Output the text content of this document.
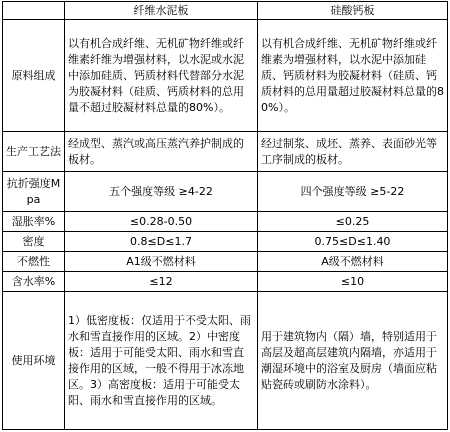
	纤维水泥板	硅酸钙板
原料组成	以有机合成纤维、无机矿物纤维或纤维素纤维为增强材料，以水泥或水泥中添加硅质、钙质材料代替部分水泥为胶凝材料（硅质、钙质材料的总用量不超过胶凝材料总量的80%）。	以有机合成纤维、无机矿物纤维或纤维素为增强材料，以水泥中添加硅质、钙质材料为胶凝材料（硅质、钙质材料的总用量超过胶凝材料总量的80%）。
生产工艺法	经成型、蒸汽或高压蒸汽养护制成的板材。	经过制浆、成坯、蒸养、表面砂光等工序制成的板材。
抗折强度Mpa	五个强度等级 ≥4-22	四个强度等级 ≥5-22
湿胀率%	≤0.28-0.50	≤0.25
密度	0.8≤D≤1.7	0.75≤D≤1.40
不燃性	A1级不燃材料	A级不燃材料
含水率%	≤12	≤10
使用环境	1）低密度板：仅适用于不受太阳、雨水和雪直接作用的区域。2）中密度板：适用于可能受太阳、雨水和雪直接作用的区域，一般不得用于冰冻地区。3）高密度板：适用于可能受太阳、雨水和雪直接作用的区域。	用于建筑物内（隔）墙，特别适用于高层及超高层建筑内隔墙，亦适用于潮湿环境中的浴室及厨房（墙面应粘贴瓷砖或刷防水涂料）。
